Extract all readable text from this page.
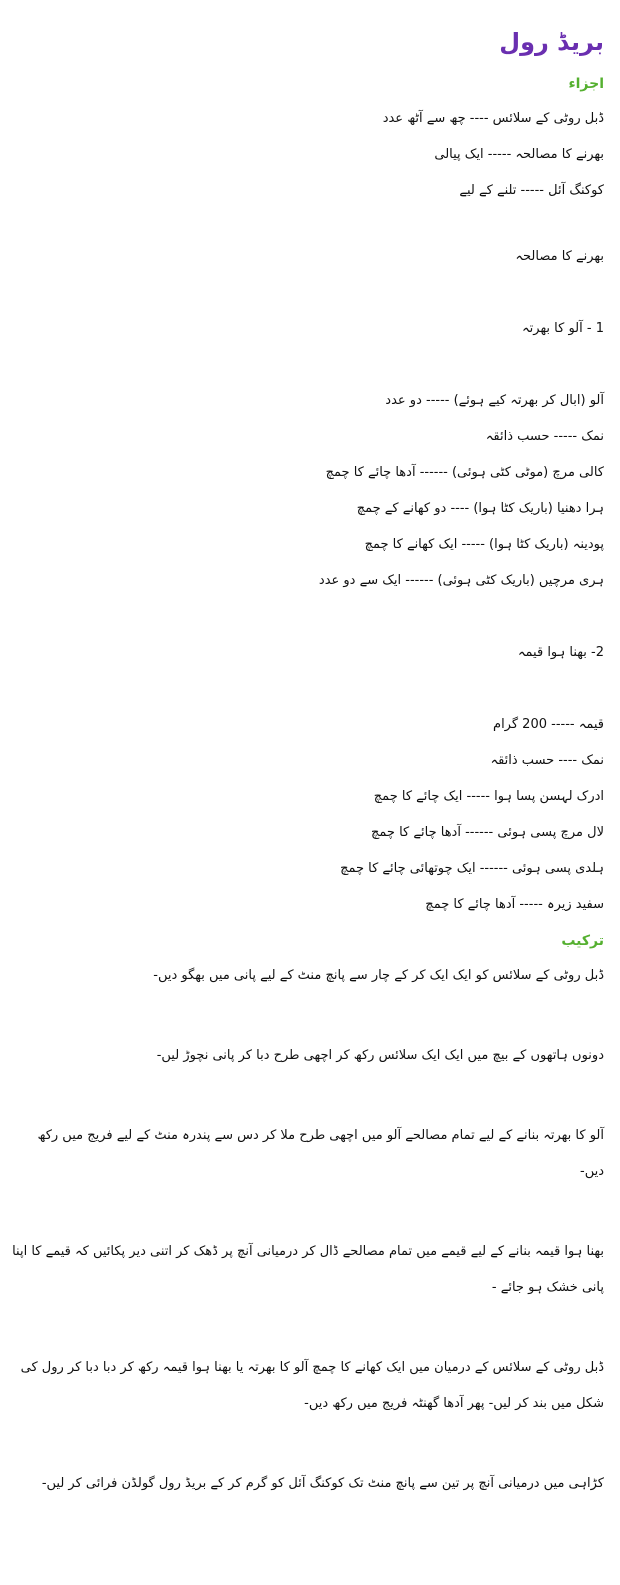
بریڈ رول
اجزاء

ڈبل روٹی کے سلائس ---- چھ سے آٹھ عدد

بھرنے کا مصالحہ ----- ایک پیالی

کوکنگ آئل ----- تلنے کے لیے

بھرنے کا مصالحہ

1 - آلو کا بھرتہ

آلو (ابال کر بھرتہ کیے ہوئے) ----- دو عدد

نمک ----- حسب ذائقہ

کالی مرچ (موٹی کٹی ہوئی) ------ آدھا چائے کا چمچ

ہرا دھنیا (باریک کٹا ہوا) ---- دو کھانے کے چمچ

پودینہ (باریک کٹا ہوا) ----- ایک کھانے کا چمچ

ہری مرچیں (باریک کٹی ہوئی) ------ ایک سے دو عدد

2- بھنا ہوا قیمہ

قیمہ ----- 200 گرام

نمک ---- حسب ذائقہ

ادرک لہسن پسا ہوا ----- ایک چائے کا چمچ

لال مرچ پسی ہوئی ------ آدھا چائے کا چمچ

ہلدی پسی ہوئی ------ ایک چوتھائی چائے کا چمچ

سفید زیرہ ----- آدھا چائے کا چمچ

ترکیب

ڈبل روٹی کے سلائس کو ایک ایک کر کے چار سے پانچ منٹ کے لیے پانی میں بھگو دیں-

دونوں ہاتھوں کے بیچ میں ایک ایک سلائس رکھ کر اچھی طرح دبا کر پانی نچوڑ لیں-

آلو کا بھرتہ بنانے کے لیے تمام مصالحے آلو میں اچھی طرح ملا کر دس سے پندرہ منٹ کے لیے فریج میں رکھ دیں-

بھنا ہوا قیمہ بنانے کے لیے قیمے میں تمام مصالحے ڈال کر درمیانی آنچ پر ڈھک کر اتنی دیر پکائیں کہ قیمے کا اپنا پانی خشک ہو جائے -

ڈبل روٹی کے سلائس کے درمیان میں ایک کھانے کا چمچ آلو کا بھرتہ یا بھنا ہوا قیمہ رکھ کر دبا دبا کر رول کی شکل میں بند کر لیں- پھر آدھا گھنٹہ فریج میں رکھ دیں-

کڑاہی میں درمیانی آنچ پر تین سے پانچ منٹ تک کوکنگ آئل کو گرم کر کے بریڈ رول گولڈن فرائی کر لیں-
